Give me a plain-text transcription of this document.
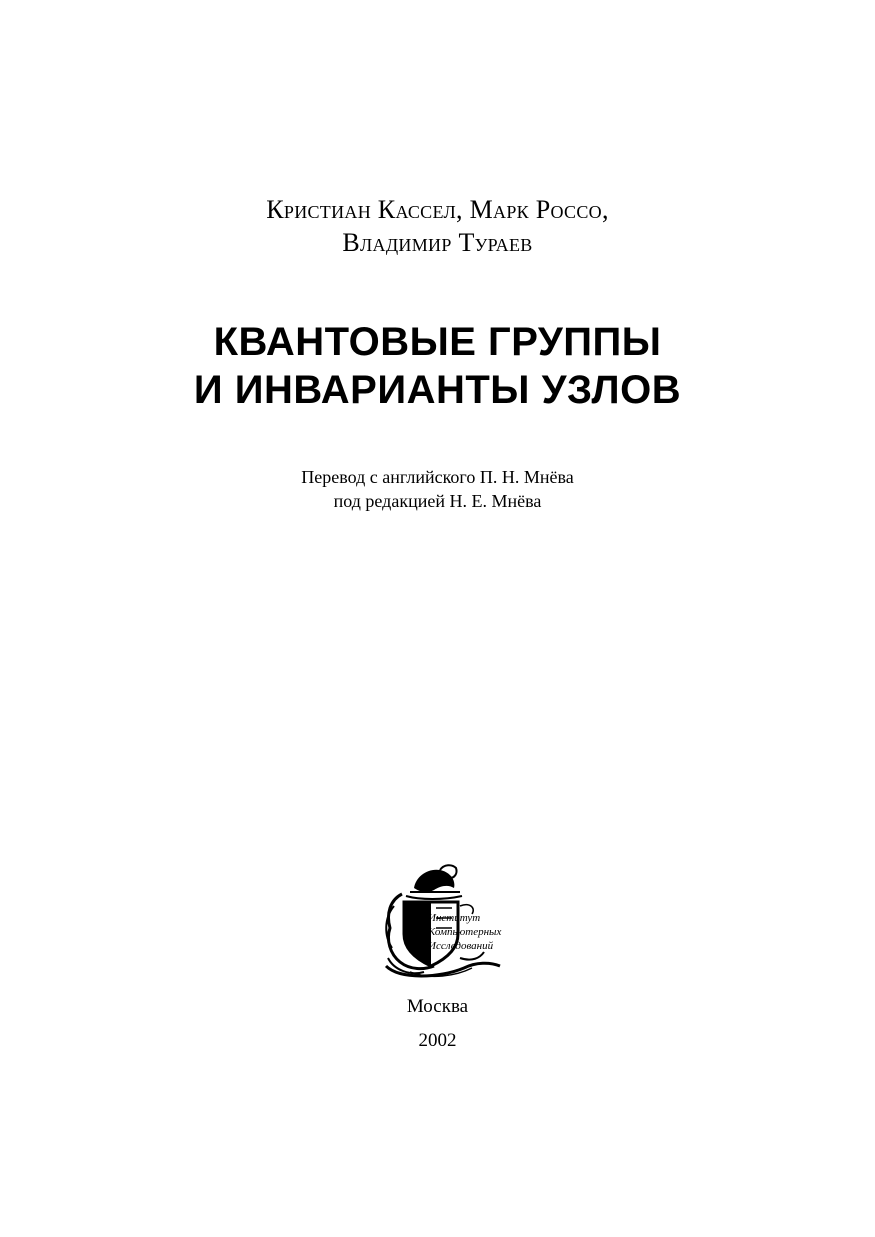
Кристиан Кассел, Марк Россо,
Владимир Тураев
КВАНТОВЫЕ ГРУППЫ
И ИНВАРИАНТЫ УЗЛОВ
Перевод с английского П. Н. Мнёва
под редакцией Н. Е. Мнёва
Институт
Компьютерных
Исследований
Москва
2002
